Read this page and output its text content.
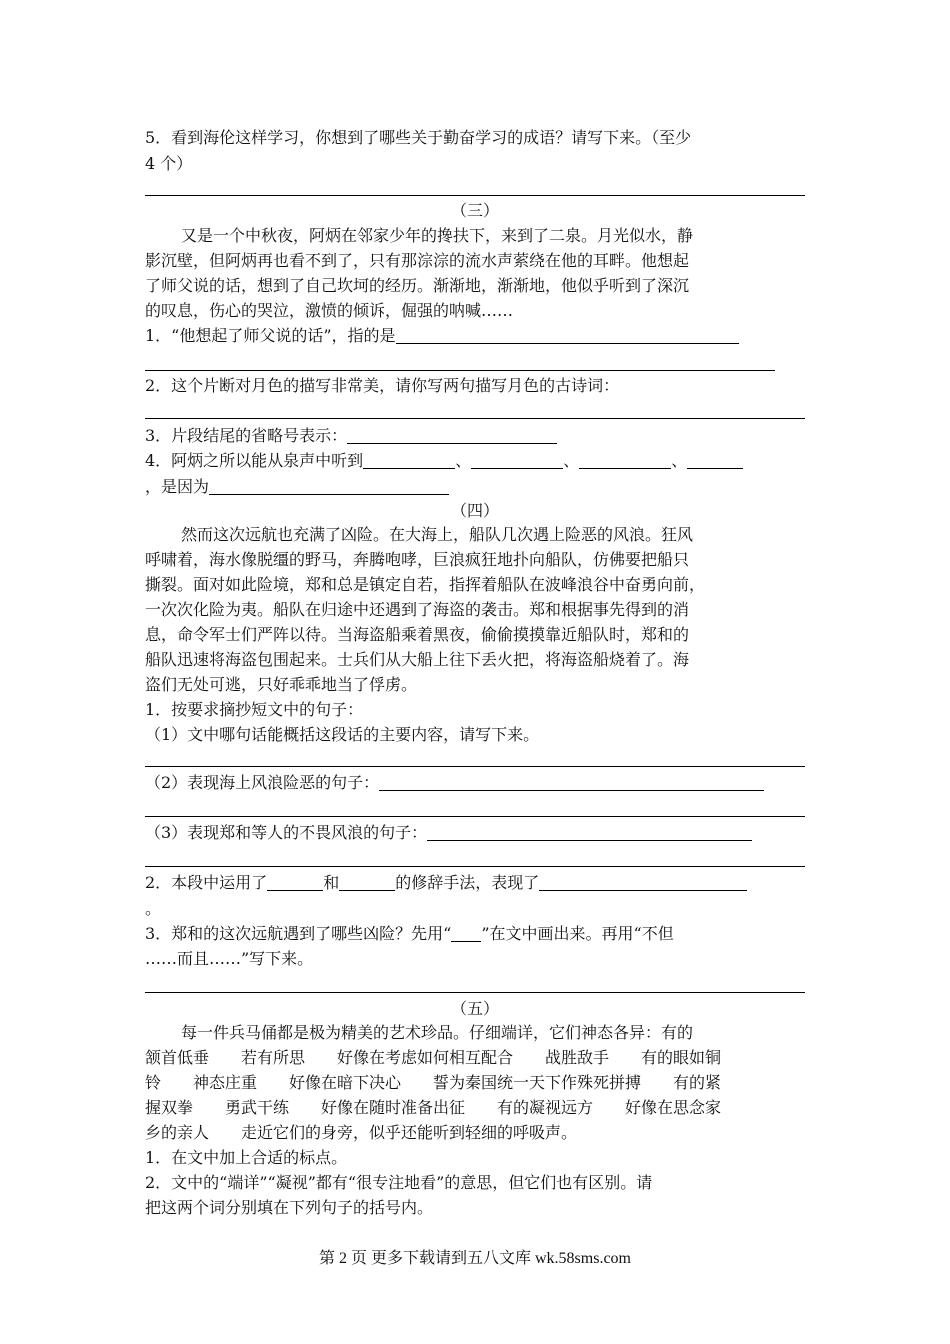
5．看到海伦这样学习，你想到了哪些关于勤奋学习的成语？请写下来。（至少
4 个）
（三）
又是一个中秋夜，阿炳在邻家少年的搀扶下，来到了二泉。月光似水，静
影沉壁，但阿炳再也看不到了，只有那淙淙的流水声萦绕在他的耳畔。他想起
了师父说的话，想到了自己坎坷的经历。渐渐地，渐渐地，他似乎听到了深沉
的叹息，伤心的哭泣，激愤的倾诉，倔强的呐喊……
1．“他想起了师父说的话”，指的是
2．这个片断对月色的描写非常美，请你写两句描写月色的古诗词：
3．片段结尾的省略号表示：
4．阿炳之所以能从泉声中听到	、	、	、
，是因为
（四）
然而这次远航也充满了凶险。在大海上，船队几次遇上险恶的风浪。狂风
呼啸着，海水像脱缰的野马，奔腾咆哮，巨浪疯狂地扑向船队，仿佛要把船只
撕裂。面对如此险境，郑和总是镇定自若，指挥着船队在波峰浪谷中奋勇向前，
一次次化险为夷。船队在归途中还遇到了海盗的袭击。郑和根据事先得到的消
息，命令军士们严阵以待。当海盗船乘着黑夜，偷偷摸摸靠近船队时，郑和的
船队迅速将海盗包围起来。士兵们从大船上往下丢火把，将海盗船烧着了。海
盗们无处可逃，只好乖乖地当了俘虏。
1．按要求摘抄短文中的句子：
（1）文中哪句话能概括这段话的主要内容，请写下来。
（2）表现海上风浪险恶的句子：
（3）表现郑和等人的不畏风浪的句子：
2．本段中运用了	和	的修辞手法，表现了
。
3．郑和的这次远航遇到了哪些凶险？先用“ ”在文中画出来。再用“不但
……而且……”写下来。
（五）
每一件兵马俑都是极为精美的艺术珍品。仔细端详，它们神态各异：有的
颔首低垂　　若有所思　　好像在考虑如何相互配合　　战胜敌手　　有的眼如铜
铃　　神态庄重　　好像在暗下决心　　誓为秦国统一天下作殊死拼搏　　有的紧
握双拳　　勇武干练　　好像在随时准备出征　　有的凝视远方　　好像在思念家
乡的亲人　　走近它们的身旁，似乎还能听到轻细的呼吸声。
1．在文中加上合适的标点。
2．文中的“端详”“凝视”都有“很专注地看”的意思，但它们也有区别。请
把这两个词分别填在下列句子的括号内。
第 2 页 更多下载请到五八文库 wk.58sms.com
